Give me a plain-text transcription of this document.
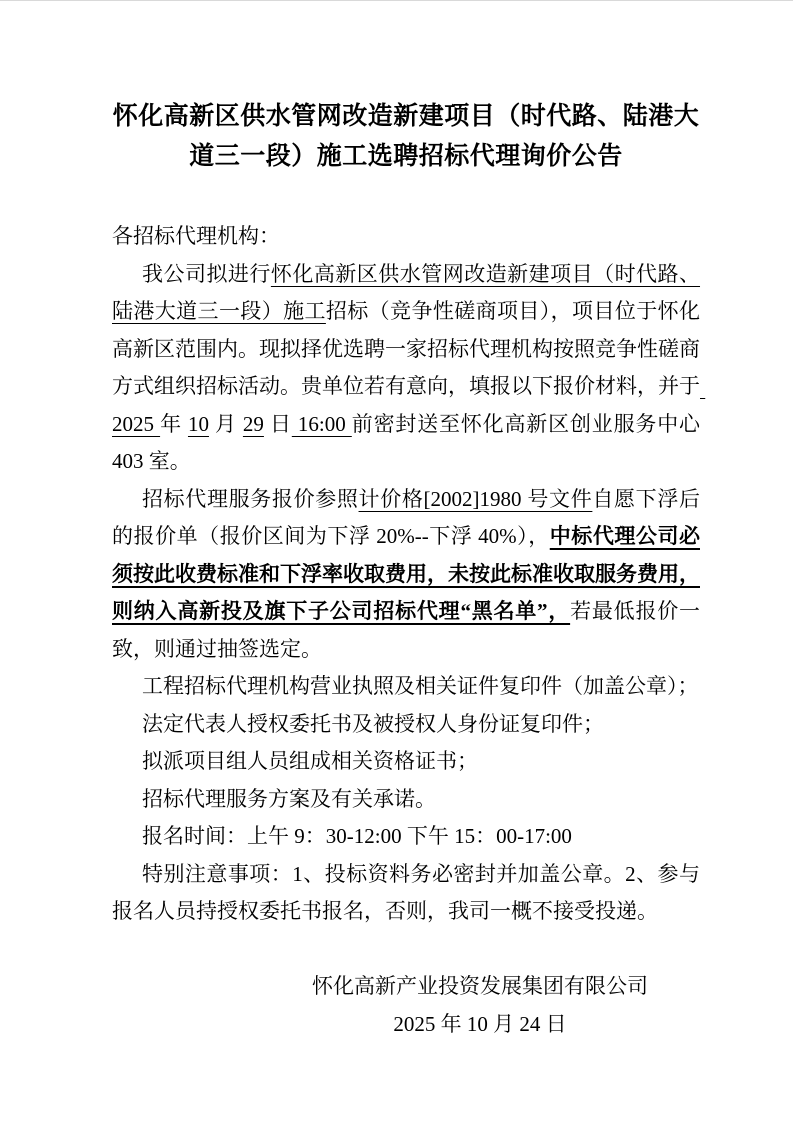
怀化高新区供水管网改造新建项目（时代路、陆港大道三一段）施工选聘招标代理询价公告

各招标代理机构：

我公司拟进行怀化高新区供水管网改造新建项目（时代路、陆港大道三一段）施工招标（竞争性磋商项目），项目位于怀化高新区范围内。现拟择优选聘一家招标代理机构按照竞争性磋商方式组织招标活动。贵单位若有意向，填报以下报价材料，并于 2025 年 10 月 29 日 16:00 前密封送至怀化高新区创业服务中心 403 室。

招标代理服务报价参照计价格[2002]1980 号文件自愿下浮后的报价单（报价区间为下浮 20%--下浮 40%），中标代理公司必须按此收费标准和下浮率收取费用，未按此标准收取服务费用，则纳入高新投及旗下子公司招标代理“黑名单”，若最低报价一致，则通过抽签选定。

工程招标代理机构营业执照及相关证件复印件（加盖公章）；

法定代表人授权委托书及被授权人身份证复印件；

拟派项目组人员组成相关资格证书；

招标代理服务方案及有关承诺。

报名时间：上午 9：30-12:00 下午 15：00-17:00

特别注意事项：1、投标资料务必密封并加盖公章。2、参与报名人员持授权委托书报名，否则，我司一概不接受投递。

怀化高新产业投资发展集团有限公司

2025 年 10 月 24 日
